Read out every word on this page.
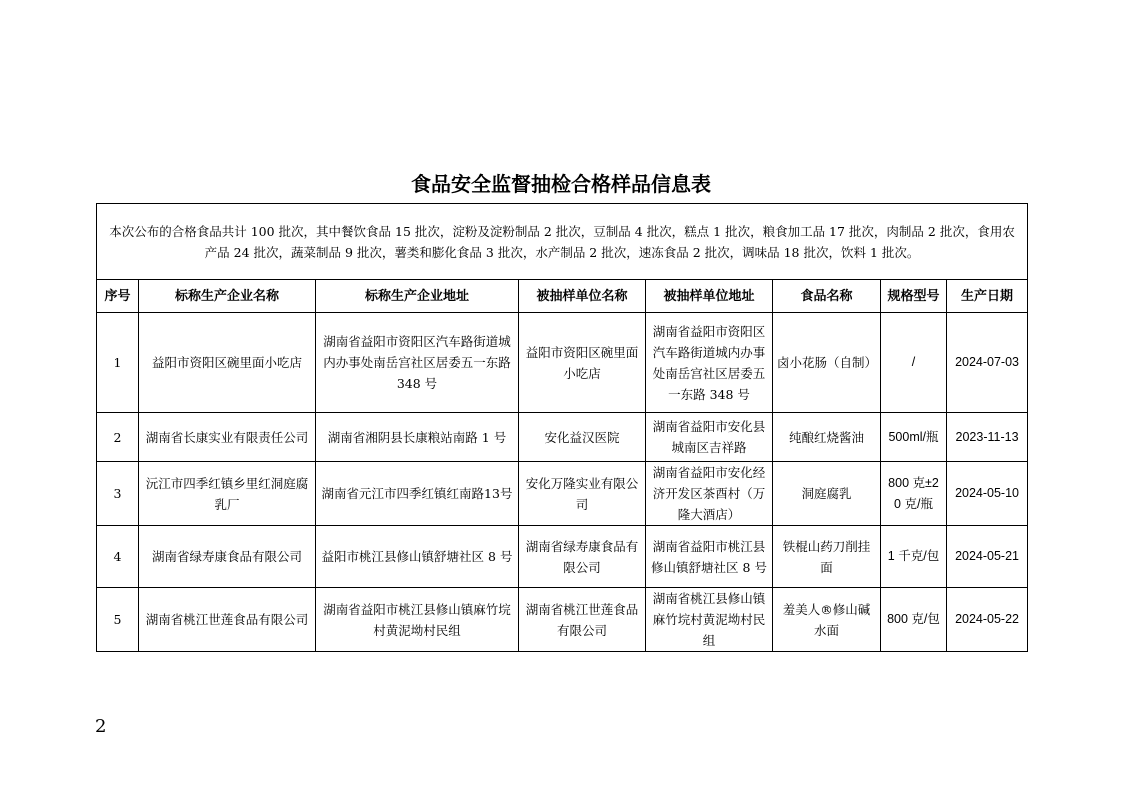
食品安全监督抽检合格样品信息表
本次公布的合格食品共计 100 批次，其中餐饮食品 15 批次，淀粉及淀粉制品 2 批次，豆制品 4 批次，糕点 1 批次，粮食加工品 17 批次，肉制品 2 批次，食用农产品 24 批次，蔬菜制品 9 批次，薯类和膨化食品 3 批次，水产制品 2 批次，速冻食品 2 批次，调味品 18 批次，饮料 1 批次。							
序号	标称生产企业名称	标称生产企业地址	被抽样单位名称	被抽样单位地址	食品名称	规格型号	生产日期
1	益阳市资阳区碗里面小吃店	湖南省益阳市资阳区汽车路街道城内办事处南岳宫社区居委五一东路 348 号	益阳市资阳区碗里面小吃店	湖南省益阳市资阳区汽车路街道城内办事处南岳宫社区居委五一东路 348 号	卤小花肠（自制）	/	2024-07-03
2	湖南省长康实业有限责任公司	湖南省湘阴县长康粮站南路 1 号	安化益汉医院	湖南省益阳市安化县城南区吉祥路	纯酿红烧酱油	500ml/瓶	2023-11-13
3	沅江市四季红镇乡里红洞庭腐乳厂	湖南省元江市四季红镇红南路13号	安化万隆实业有限公司	湖南省益阳市安化经济开发区茶酉村（万隆大酒店）	洞庭腐乳	800 克±20 克/瓶	2024-05-10
4	湖南省绿寿康食品有限公司	益阳市桃江县修山镇舒塘社区 8 号	湖南省绿寿康食品有限公司	湖南省益阳市桃江县修山镇舒塘社区 8 号	铁棍山药刀削挂面	1 千克/包	2024-05-21
5	湖南省桃江世莲食品有限公司	湖南省益阳市桃江县修山镇麻竹垸村黄泥坳村民组	湖南省桃江世莲食品有限公司	湖南省桃江县修山镇麻竹垸村黄泥坳村民组	羞美人®修山碱水面	800 克/包	2024-05-22
2
